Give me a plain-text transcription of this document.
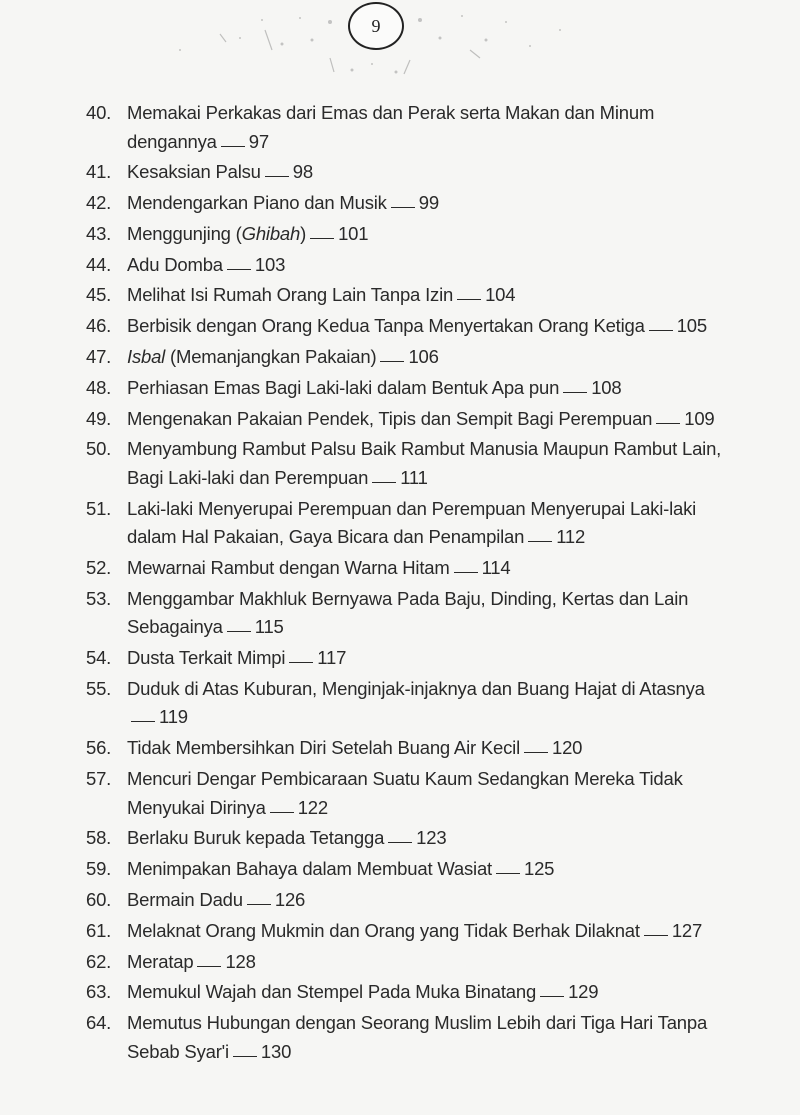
9
40. Memakai Perkakas dari Emas dan Perak serta Makan dan Minum dengannya 97
41. Kesaksian Palsu 98
42. Mendengarkan Piano dan Musik 99
43. Menggunjing (Ghibah) 101
44. Adu Domba 103
45. Melihat Isi Rumah Orang Lain Tanpa Izin 104
46. Berbisik dengan Orang Kedua Tanpa Menyertakan Orang Ketiga 105
47. Isbal (Memanjangkan Pakaian) 106
48. Perhiasan Emas Bagi Laki-laki dalam Bentuk Apa pun 108
49. Mengenakan Pakaian Pendek, Tipis dan Sempit Bagi Perempuan 109
50. Menyambung Rambut Palsu Baik Rambut Manusia Maupun Rambut Lain, Bagi Laki-laki dan Perempuan 111
51. Laki-laki Menyerupai Perempuan dan Perempuan Menyerupai Laki-laki dalam Hal Pakaian, Gaya Bicara dan Penampilan 112
52. Mewarnai Rambut dengan Warna Hitam 114
53. Menggambar Makhluk Bernyawa Pada Baju, Dinding, Kertas dan Lain Sebagainya 115
54. Dusta Terkait Mimpi 117
55. Duduk di Atas Kuburan, Menginjak-injaknya dan Buang Hajat di Atasnya119
56. Tidak Membersihkan Diri Setelah Buang Air Kecil 120
57. Mencuri Dengar Pembicaraan Suatu Kaum Sedangkan Mereka Tidak Menyukai Dirinya 122
58. Berlaku Buruk kepada Tetangga 123
59. Menimpakan Bahaya dalam Membuat Wasiat 125
60. Bermain Dadu 126
61. Melaknat Orang Mukmin dan Orang yang Tidak Berhak Dilaknat 127
62. Meratap 128
63. Memukul Wajah dan Stempel Pada Muka Binatang 129
64. Memutus Hubungan dengan Seorang Muslim Lebih dari Tiga Hari Tanpa Sebab Syar'i 130
